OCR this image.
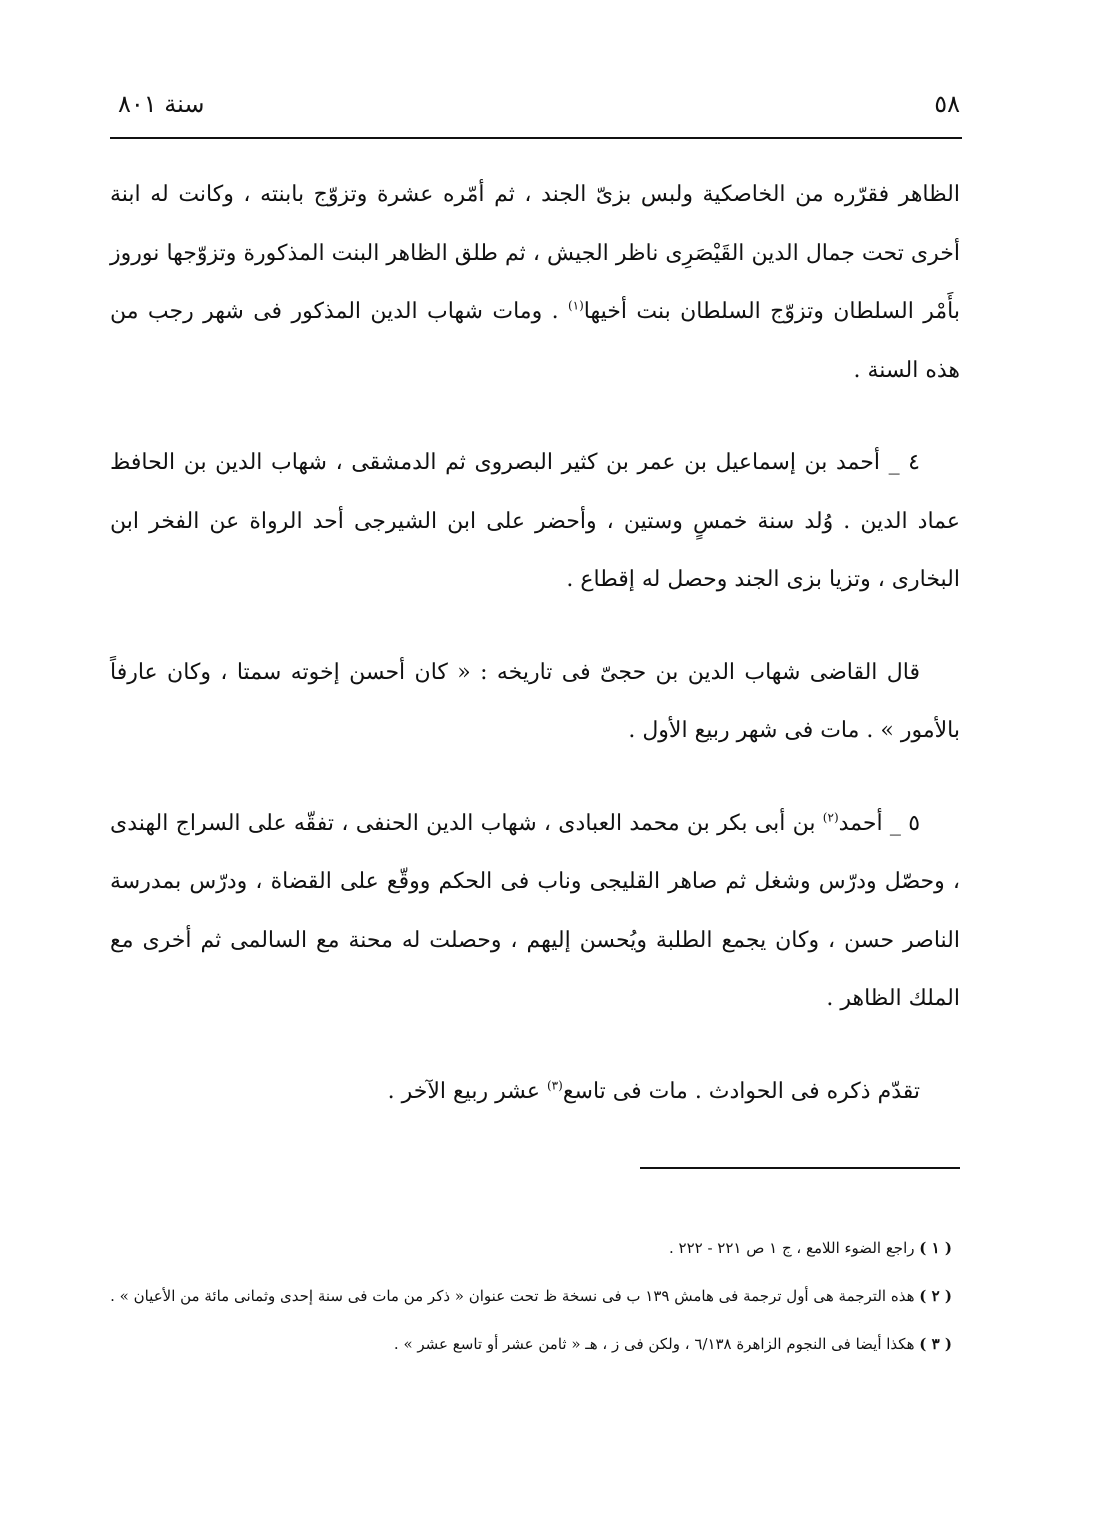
٥٨
سنة ٨٠١

الظاهر فقرّره من الخاصكية ولبس بزىّ الجند ، ثم أمّره عشرة وتزوّج بابنته ، وكانت له ابنة أخرى تحت جمال الدين القَيْصَرِى ناظر الجيش ، ثم طلق الظاهر البنت المذكورة وتزوّجها نوروز بأَمْر السلطان وتزوّج السلطان بنت أخيها$^{(١)}$ . ومات شهاب الدين المذكور فى شهر رجب من هذه السنة .

٤ _ أحمد بن إسماعيل بن عمر بن كثير البصروى ثم الدمشقى ، شهاب الدين بن الحافظ عماد الدين . وُلد سنة خمسٍ وستين ، وأحضر على ابن الشيرجى أحد الرواة عن الفخر ابن البخارى ، وتزيا بزى الجند وحصل له إقطاع .

قال القاضى شهاب الدين بن حجىّ فى تاريخه : « كان أحسن إخوته سمتا ، وكان عارفاً بالأمور » . مات فى شهر ربيع الأول .

٥ _ أحمد$^{(٢)}$ بن أبى بكر بن محمد العبادى ، شهاب الدين الحنفى ، تفقّه على السراج الهندى ، وحصّل ودرّس وشغل ثم صاهر القليجى وناب فى الحكم ووقّع على القضاة ، ودرّس بمدرسة الناصر حسن ، وكان يجمع الطلبة ويُحسن إليهم ، وحصلت له محنة مع السالمى ثم أخرى مع الملك الظاهر .

تقدّم ذكره فى الحوادث . مات فى تاسع$^{(٣)}$ عشر ربيع الآخر .

( ١ ) راجع الضوء اللامع ، ج ١ ص ٢٢١ - ٢٢٢ .

( ٢ ) هذه الترجمة هى أول ترجمة فى هامش ١٣٩ ب فى نسخة ظ تحت عنوان « ذكر من مات فى سنة إحدى وثمانى مائة من الأعيان » .

( ٣ ) هكذا أيضا فى النجوم الزاهرة ٦/١٣٨ ، ولكن فى ز ، هـ « ثامن عشر أو تاسع عشر » .
